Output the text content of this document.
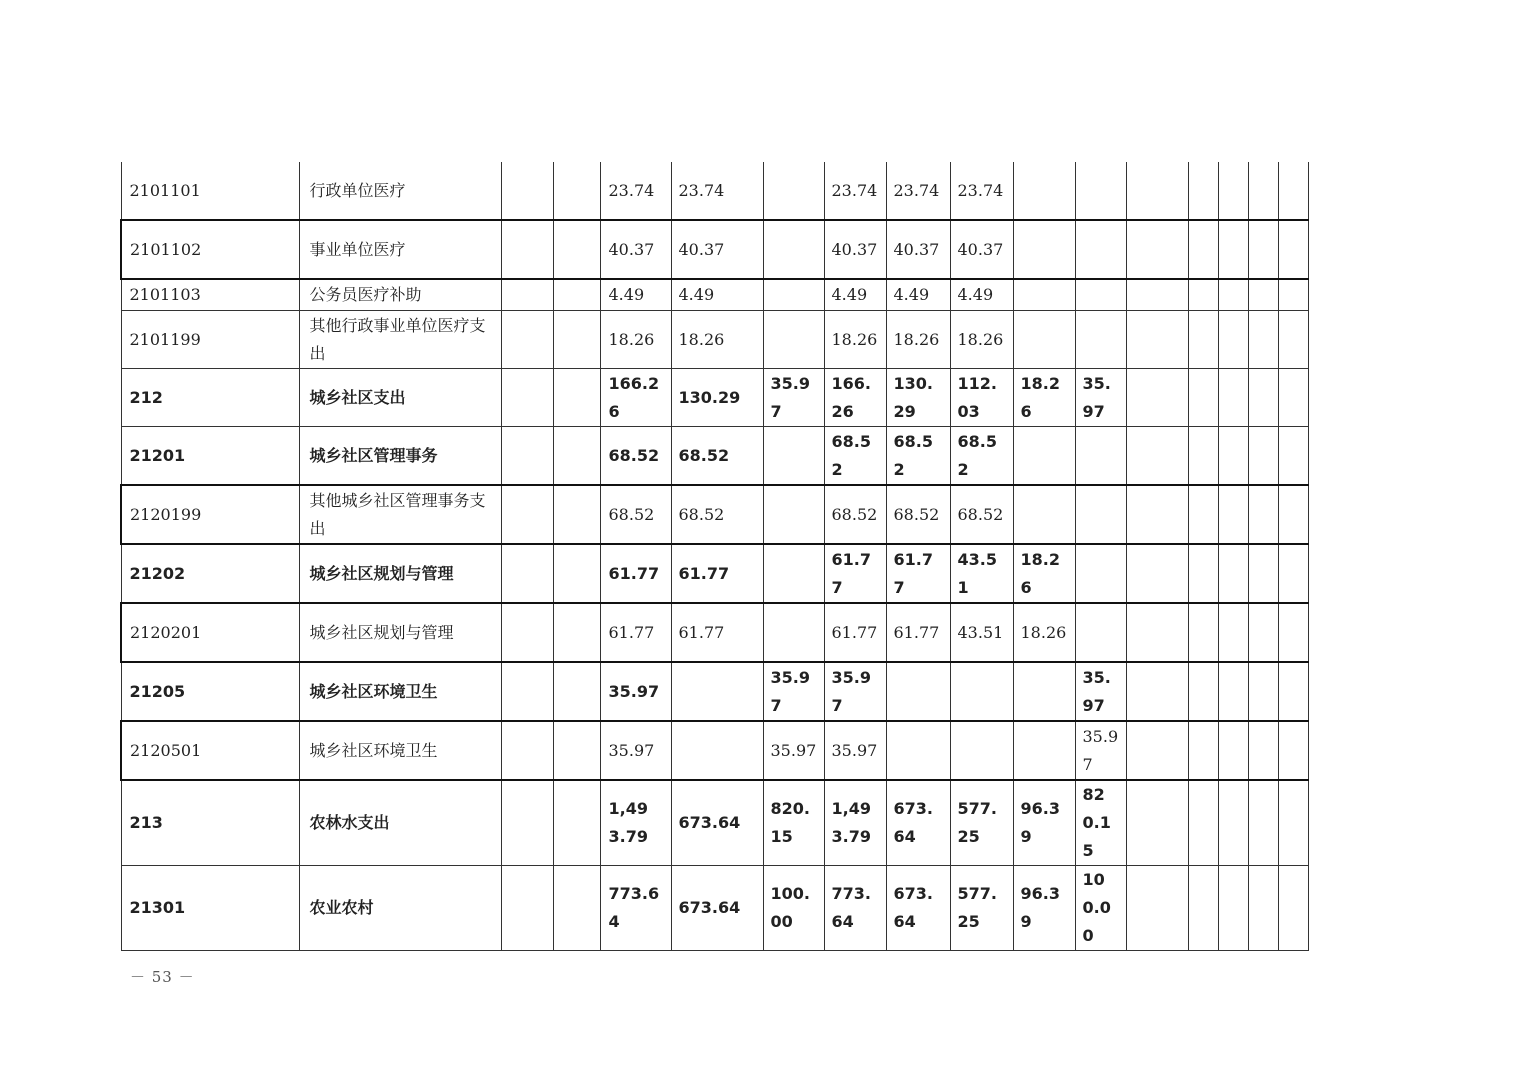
2101101	行政单位医疗			23.74	23.74		23.74	23.74	23.74							
2101102	事业单位医疗			40.37	40.37		40.37	40.37	40.37							
2101103	公务员医疗补助			4.49	4.49		4.49	4.49	4.49							
2101199	其他行政事业单位医疗支出			18.26	18.26		18.26	18.26	18.26							
212	城乡社区支出			166.26	130.29	35.97	166.26	130.29	112.03	18.26	35.97					
21201	城乡社区管理事务			68.52	68.52		68.52	68.52	68.52							
2120199	其他城乡社区管理事务支出			68.52	68.52		68.52	68.52	68.52							
21202	城乡社区规划与管理			61.77	61.77		61.77	61.77	43.51	18.26						
2120201	城乡社区规划与管理			61.77	61.77		61.77	61.77	43.51	18.26						
21205	城乡社区环境卫生			35.97		35.97	35.97				35.97					
2120501	城乡社区环境卫生			35.97		35.97	35.97				35.97					
213	农林水支出			1,493.79	673.64	820.15	1,493.79	673.64	577.25	96.39	820.15					
21301	农业农村			773.64	673.64	100.00	773.64	673.64	577.25	96.39	100.00					
－ 53 －
